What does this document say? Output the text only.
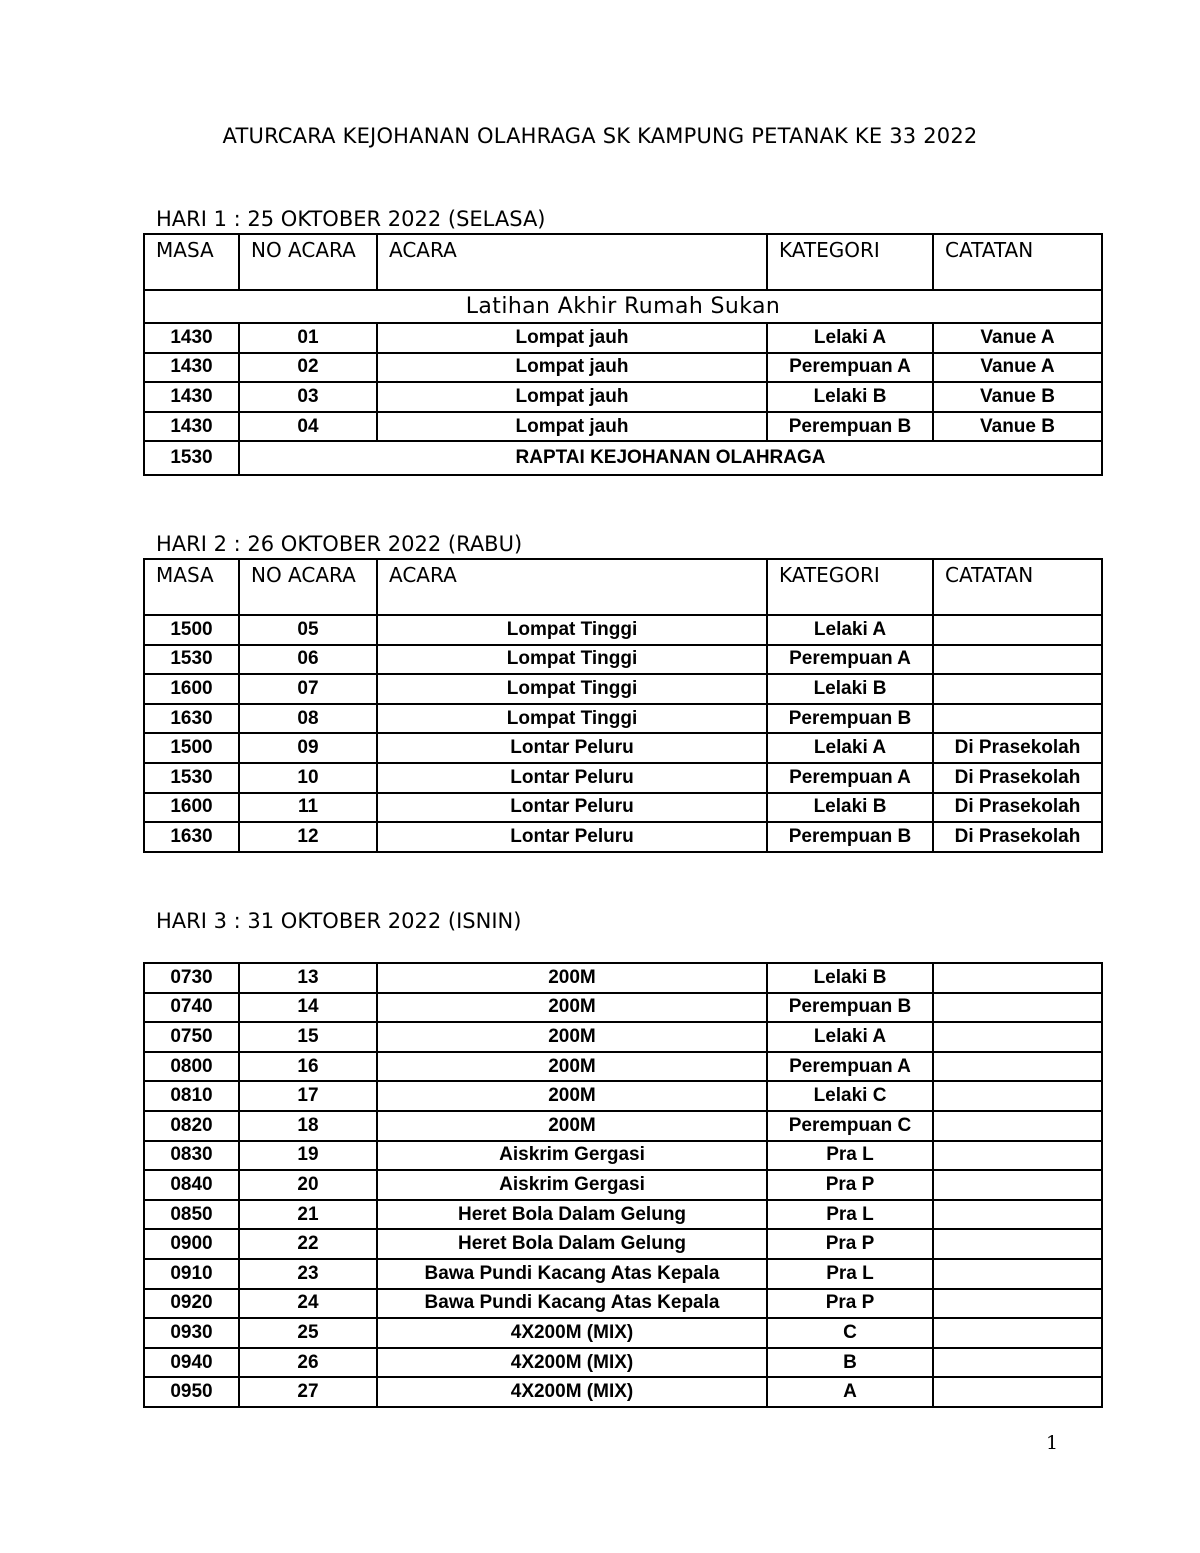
ATURCARA KEJOHANAN OLAHRAGA SK KAMPUNG PETANAK KE 33 2022
HARI 1 : 25 OKTOBER 2022 (SELASA)
MASA	NO ACARA	ACARA	KATEGORI	CATATAN
Latihan Akhir Rumah Sukan				
1430	01	Lompat jauh	Lelaki A	Vanue A
1430	02	Lompat jauh	Perempuan A	Vanue A
1430	03	Lompat jauh	Lelaki B	Vanue B
1430	04	Lompat jauh	Perempuan B	Vanue B
1530	RAPTAI KEJOHANAN OLAHRAGA			
HARI 2 : 26 OKTOBER 2022 (RABU)
MASA	NO ACARA	ACARA	KATEGORI	CATATAN
1500	05	Lompat Tinggi	Lelaki A	
1530	06	Lompat Tinggi	Perempuan A	
1600	07	Lompat Tinggi	Lelaki B	
1630	08	Lompat Tinggi	Perempuan B	
1500	09	Lontar Peluru	Lelaki A	Di Prasekolah
1530	10	Lontar Peluru	Perempuan A	Di Prasekolah
1600	11	Lontar Peluru	Lelaki B	Di Prasekolah
1630	12	Lontar Peluru	Perempuan B	Di Prasekolah
HARI 3 : 31 OKTOBER 2022 (ISNIN)
0730	13	200M	Lelaki B	
0740	14	200M	Perempuan B	
0750	15	200M	Lelaki A	
0800	16	200M	Perempuan A	
0810	17	200M	Lelaki C	
0820	18	200M	Perempuan C	
0830	19	Aiskrim Gergasi	Pra L	
0840	20	Aiskrim Gergasi	Pra P	
0850	21	Heret Bola Dalam Gelung	Pra L	
0900	22	Heret Bola Dalam Gelung	Pra P	
0910	23	Bawa Pundi Kacang Atas Kepala	Pra L	
0920	24	Bawa Pundi Kacang Atas Kepala	Pra P	
0930	25	4X200M (MIX)	C	
0940	26	4X200M (MIX)	B	
0950	27	4X200M (MIX)	A	
1
